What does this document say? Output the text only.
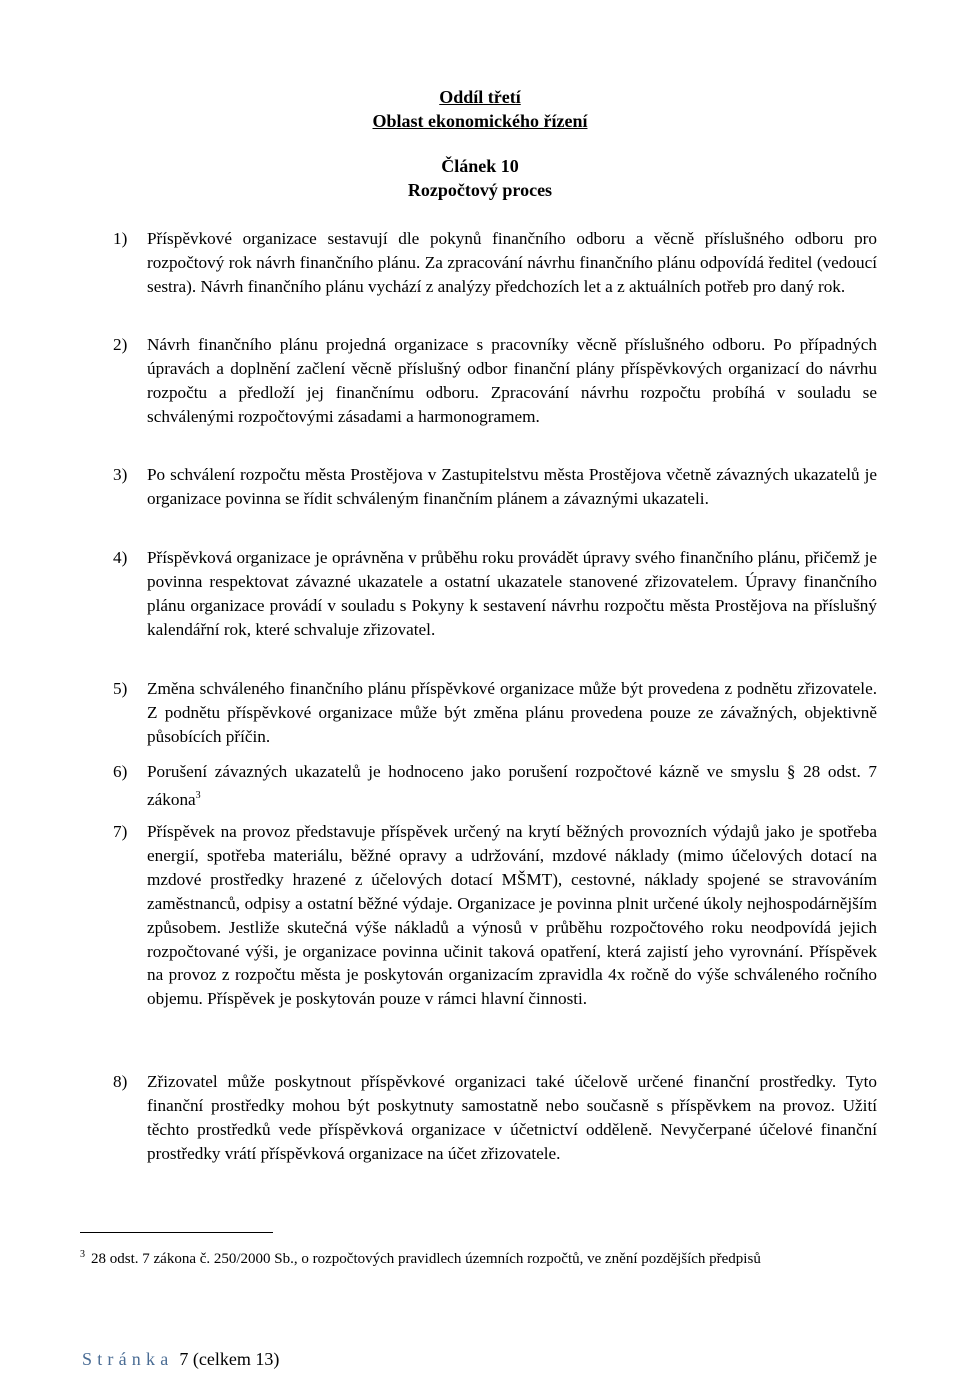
Oddíl třetí
Oblast ekonomického řízení
Článek 10
Rozpočtový proces
1) Příspěvkové organizace sestavují dle pokynů finančního odboru a věcně příslušného odboru pro rozpočtový rok návrh finančního plánu. Za zpracování návrhu finančního plánu odpovídá ředitel (vedoucí sestra). Návrh finančního plánu vychází z analýzy předchozích let a z aktuálních potřeb pro daný rok.
2) Návrh finančního plánu projedná organizace s pracovníky věcně příslušného odboru. Po případných úpravách a doplnění začlení věcně příslušný odbor finanční plány příspěvkových organizací do návrhu rozpočtu a předloží jej finančnímu odboru. Zpracování návrhu rozpočtu probíhá v souladu se schválenými rozpočtovými zásadami a harmonogramem.
3) Po schválení rozpočtu města Prostějova v Zastupitelstvu města Prostějova včetně závazných ukazatelů je organizace povinna se řídit schváleným finančním plánem a závaznými ukazateli.
4) Příspěvková organizace je oprávněna v průběhu roku provádět úpravy svého finančního plánu, přičemž je povinna respektovat závazné ukazatele a ostatní ukazatele stanovené zřizovatelem. Úpravy finančního plánu organizace provádí v souladu s Pokyny k sestavení návrhu rozpočtu města Prostějova na příslušný kalendářní rok, které schvaluje zřizovatel.
5) Změna schváleného finančního plánu příspěvkové organizace může být provedena z podnětu zřizovatele. Z podnětu příspěvkové organizace může být změna plánu provedena pouze ze závažných, objektivně působících příčin.
6) Porušení závazných ukazatelů je hodnoceno jako porušení rozpočtové kázně ve smyslu § 28 odst. 7 zákona$^3$
7) Příspěvek na provoz představuje příspěvek určený na krytí běžných provozních výdajů jako je spotřeba energií, spotřeba materiálu, běžné opravy a udržování, mzdové náklady (mimo účelových dotací na mzdové prostředky hrazené z účelových dotací MŠMT), cestovné, náklady spojené se stravováním zaměstnanců, odpisy a ostatní běžné výdaje. Organizace je povinna plnit určené úkoly nejhospodárnějším způsobem. Jestliže skutečná výše nákladů a výnosů v průběhu rozpočtového roku neodpovídá jejich rozpočtované výši, je organizace povinna učinit taková opatření, která zajistí jeho vyrovnání. Příspěvek na provoz z rozpočtu města je poskytován organizacím zpravidla 4x ročně do výše schváleného ročního objemu. Příspěvek je poskytován pouze v rámci hlavní činnosti.
8) Zřizovatel může poskytnout příspěvkové organizaci také účelově určené finanční prostředky. Tyto finanční prostředky mohou být poskytnuty samostatně nebo současně s příspěvkem na provoz. Užití těchto prostředků vede příspěvková organizace v účetnictví odděleně. Nevyčerpané účelové finanční prostředky vrátí příspěvková organizace na účet zřizovatele.
$^3$ 28 odst. 7 zákona č. 250/2000 Sb., o rozpočtových pravidlech územních rozpočtů, ve znění pozdějších předpisů
Stránka 7 (celkem 13)
